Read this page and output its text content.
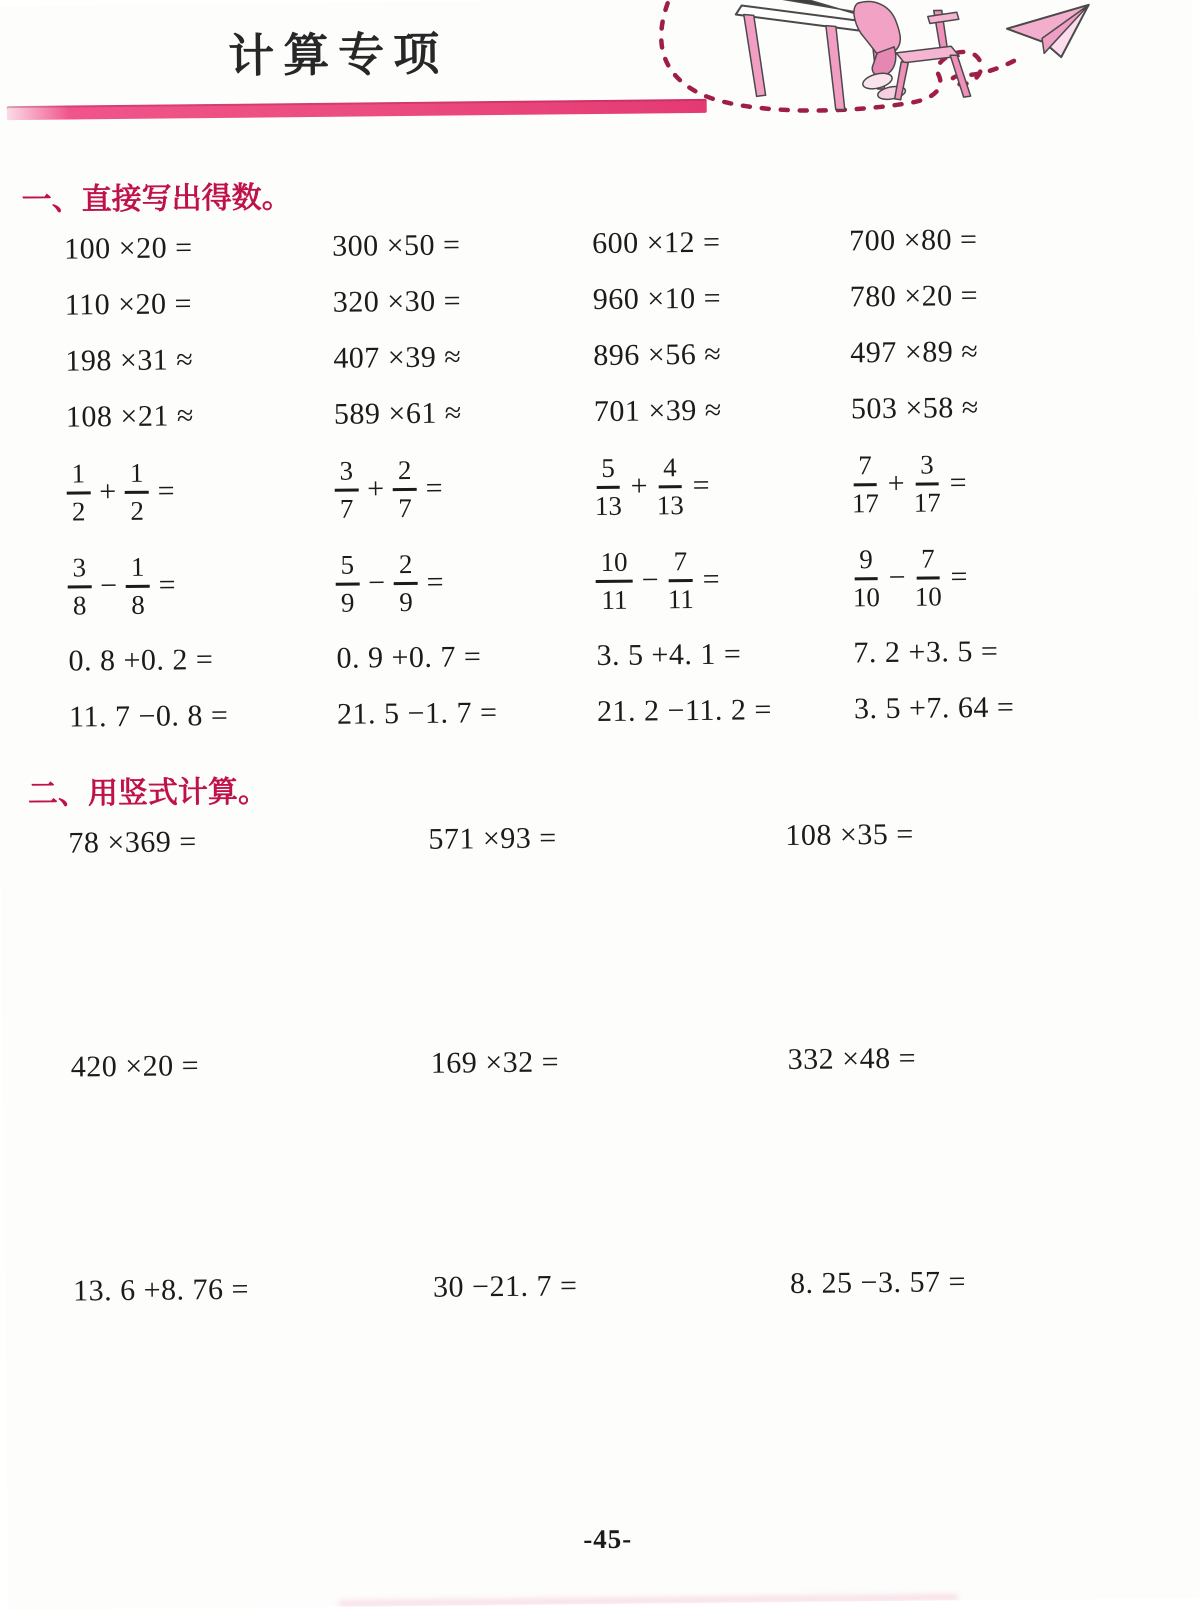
计算专项
一、直接写出得数。
100 ×20 =	300 ×50 =	600 ×12 =	700 ×80 =
110 ×20 =	320 ×30 =	960 ×10 =	780 ×20 =
198 ×31 ≈	407 ×39 ≈	896 ×56 ≈	497 ×89 ≈
108 ×21 ≈	589 ×61 ≈	701 ×39 ≈	503 ×58 ≈
$\frac{1}{2} + \frac{1}{2}$ =	$\frac{3}{7} + \frac{2}{7}$ =	$\frac{5}{13} + \frac{4}{13}$ =	$\frac{7}{17} + \frac{3}{17}$ =
$\frac{3}{8} - \frac{1}{8}$ =	$\frac{5}{9} - \frac{2}{9}$ =	$\frac{10}{11} - \frac{7}{11}$ =	$\frac{9}{10} - \frac{7}{10}$ =
0. 8 +0. 2 =	0. 9 +0. 7 =	3. 5 +4. 1 =	7. 2 +3. 5 =
11. 7 −0. 8 =	21. 5 −1. 7 =	21. 2 −11. 2 =	3. 5 +7. 64 =
二、用竖式计算。
78 ×369 =	571 ×93 =	108 ×35 =
420 ×20 =	169 ×32 =	332 ×48 =
13. 6 +8. 76 =	30 −21. 7 =	8. 25 −3. 57 =
-45-
